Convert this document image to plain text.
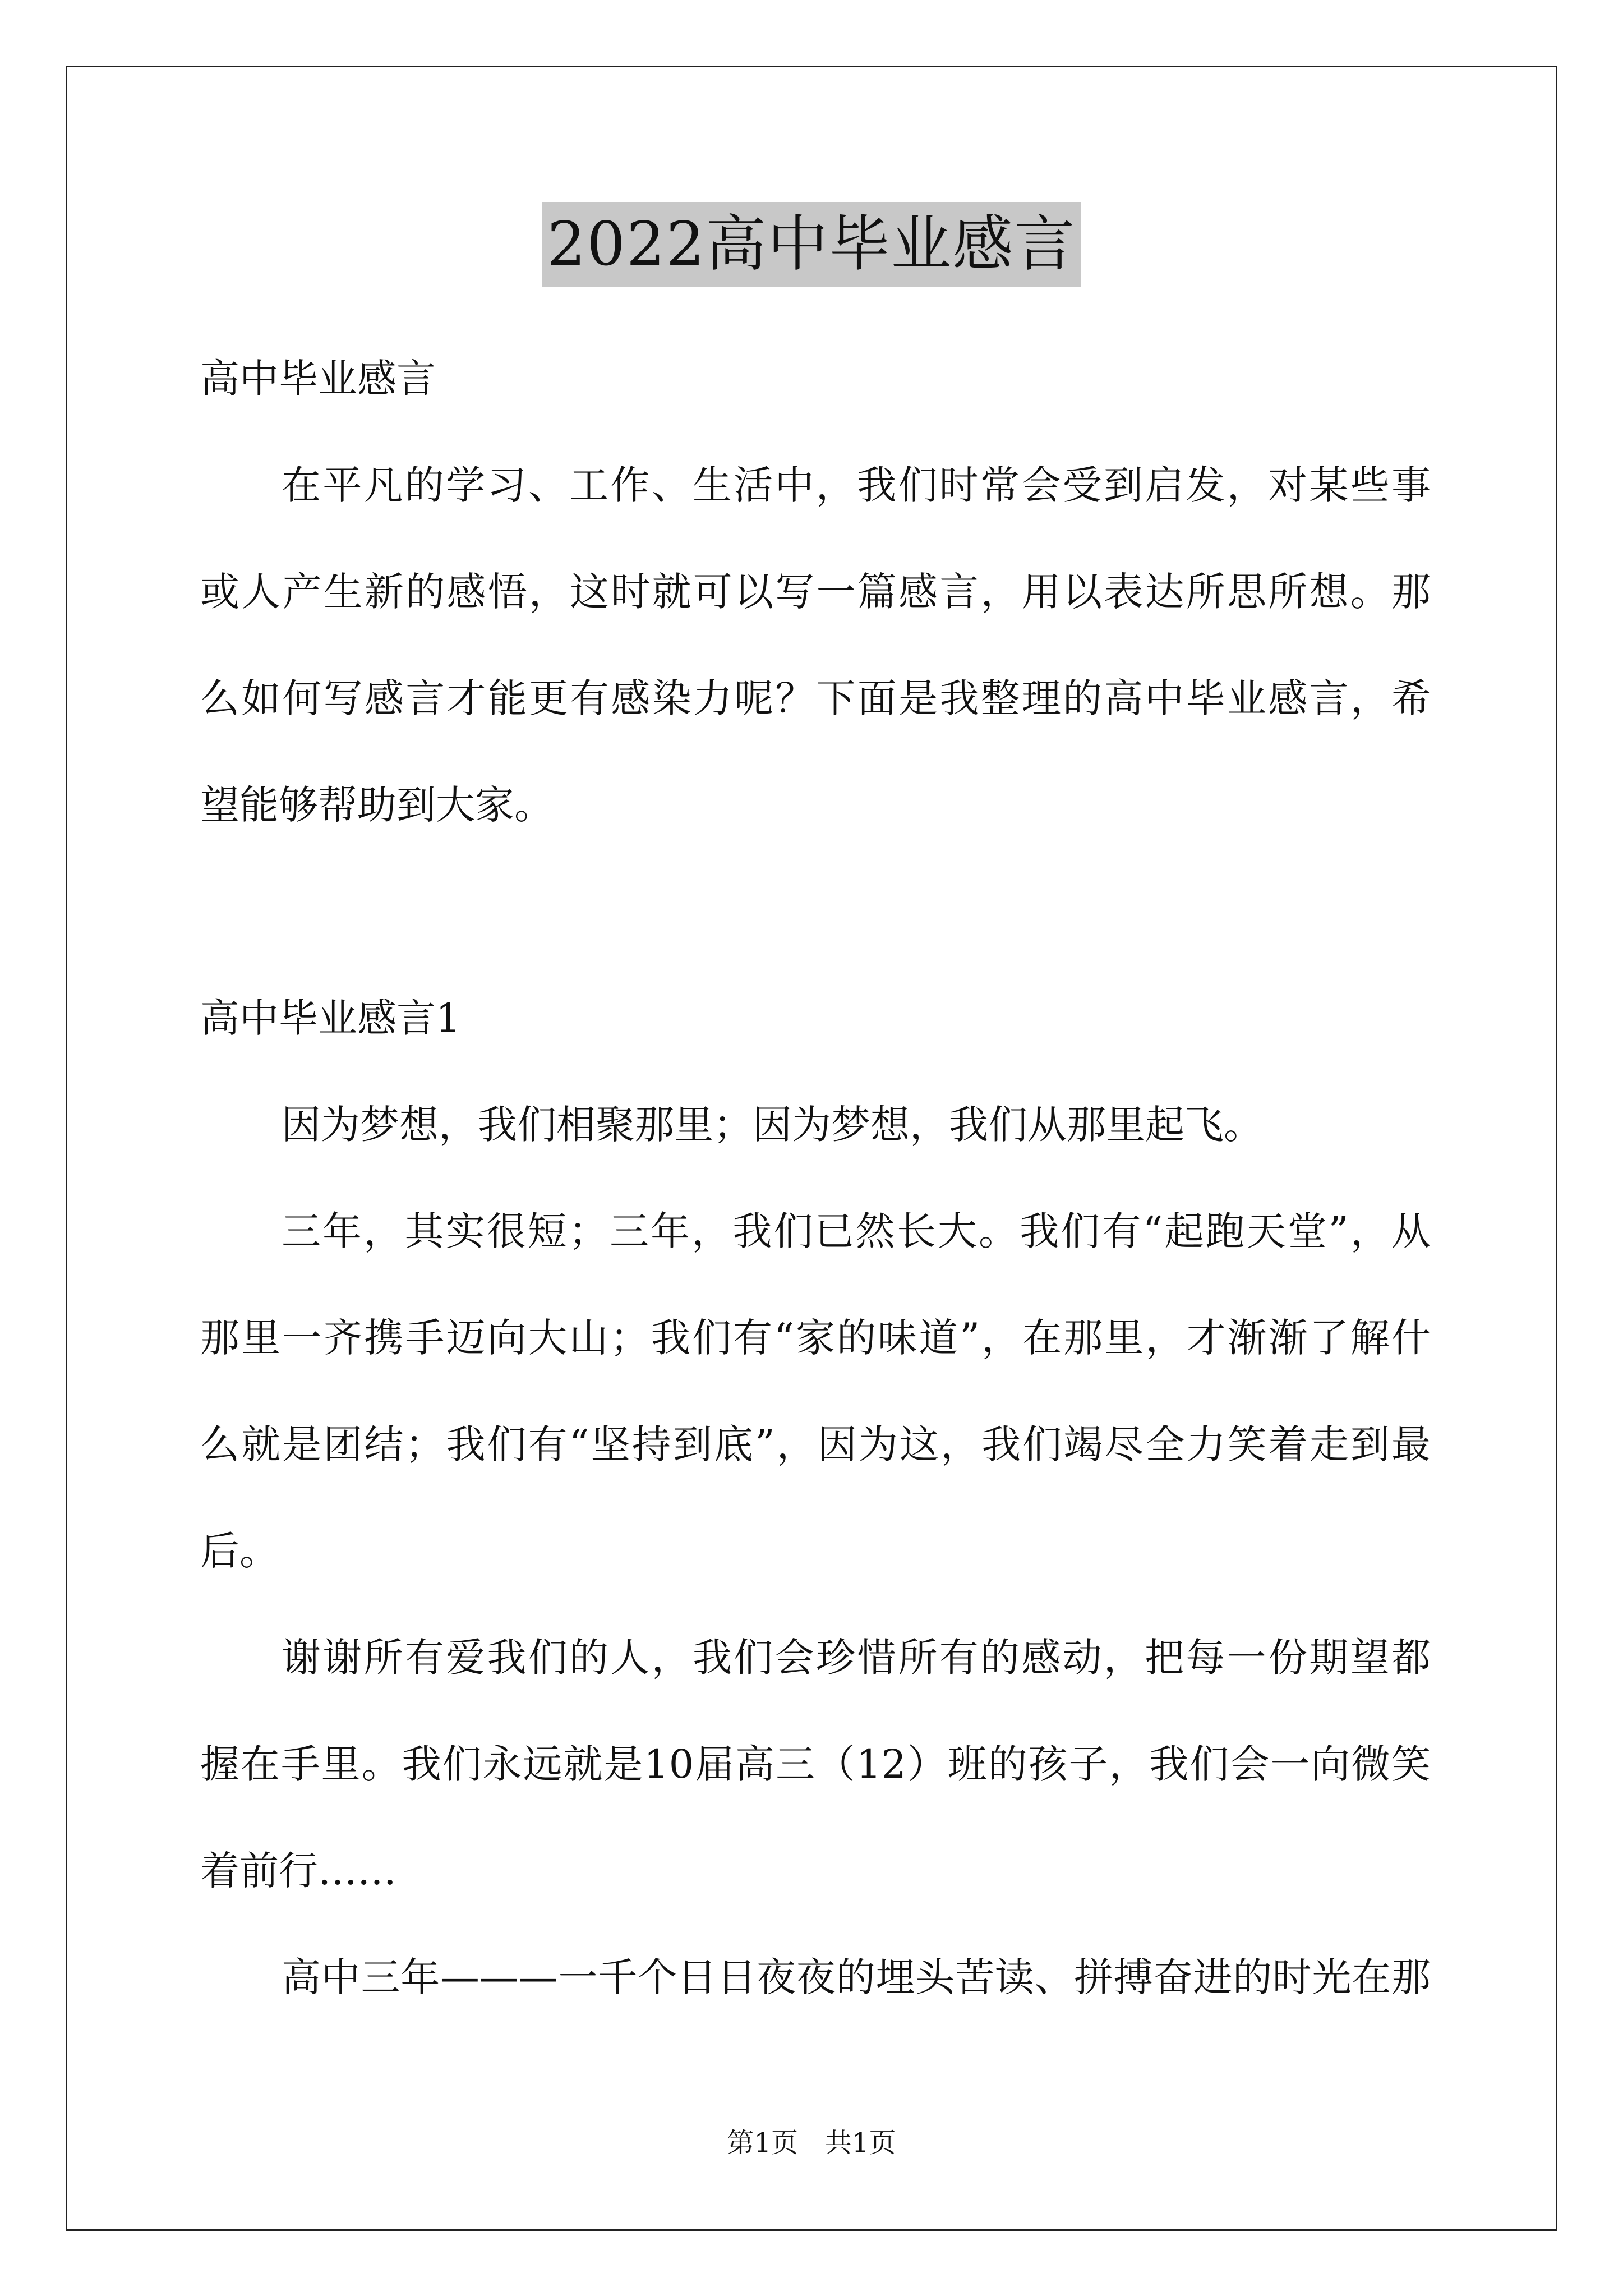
2022高中毕业感言
高中毕业感言
在平凡的学习、工作、生活中，我们时常会受到启发，对某些事
或人产生新的感悟，这时就可以写一篇感言，用以表达所思所想。那
么如何写感言才能更有感染力呢？下面是我整理的高中毕业感言，希
望能够帮助到大家。
高中毕业感言1
因为梦想，我们相聚那里；因为梦想，我们从那里起飞。
三年，其实很短；三年，我们已然长大。我们有“起跑天堂”，从
那里一齐携手迈向大山；我们有“家的味道”，在那里，才渐渐了解什
么就是团结；我们有“坚持到底”，因为这，我们竭尽全力笑着走到最
后。
谢谢所有爱我们的人，我们会珍惜所有的感动，把每一份期望都
握在手里。我们永远就是10届高三（12）班的孩子，我们会一向微笑
着前行……
高中三年———一千个日日夜夜的埋头苦读、拼搏奋进的时光在那
第1页　共1页
